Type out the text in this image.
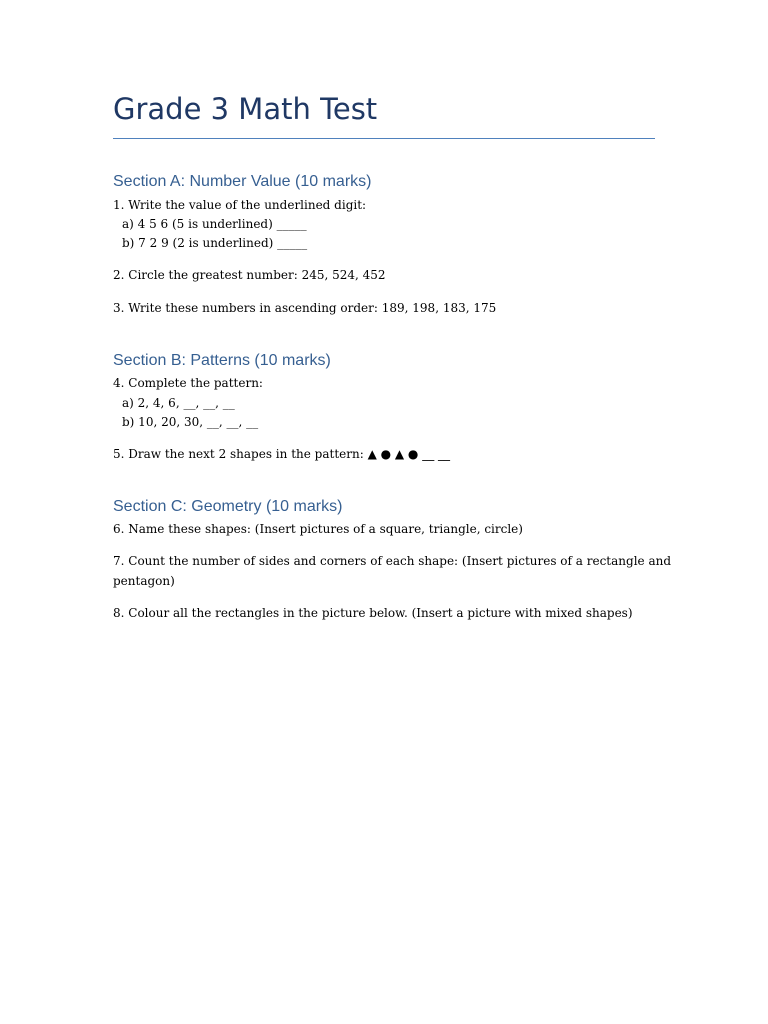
Grade 3 Math Test
Section A: Number Value (10 marks)
1. Write the value of the underlined digit:
a) 4 5 6 (5 is underlined) _____
b) 7 2 9 (2 is underlined) _____
2. Circle the greatest number: 245, 524, 452
3. Write these numbers in ascending order: 189, 198, 183, 175
Section B: Patterns (10 marks)
4. Complete the pattern:
a) 2, 4, 6, __, __, __
b) 10, 20, 30, __, __, __
5. Draw the next 2 shapes in the pattern: ▲ ● ▲ ● __ __
Section C: Geometry (10 marks)
6. Name these shapes: (Insert pictures of a square, triangle, circle)
7. Count the number of sides and corners of each shape: (Insert pictures of a rectangle and
pentagon)
8. Colour all the rectangles in the picture below. (Insert a picture with mixed shapes)
